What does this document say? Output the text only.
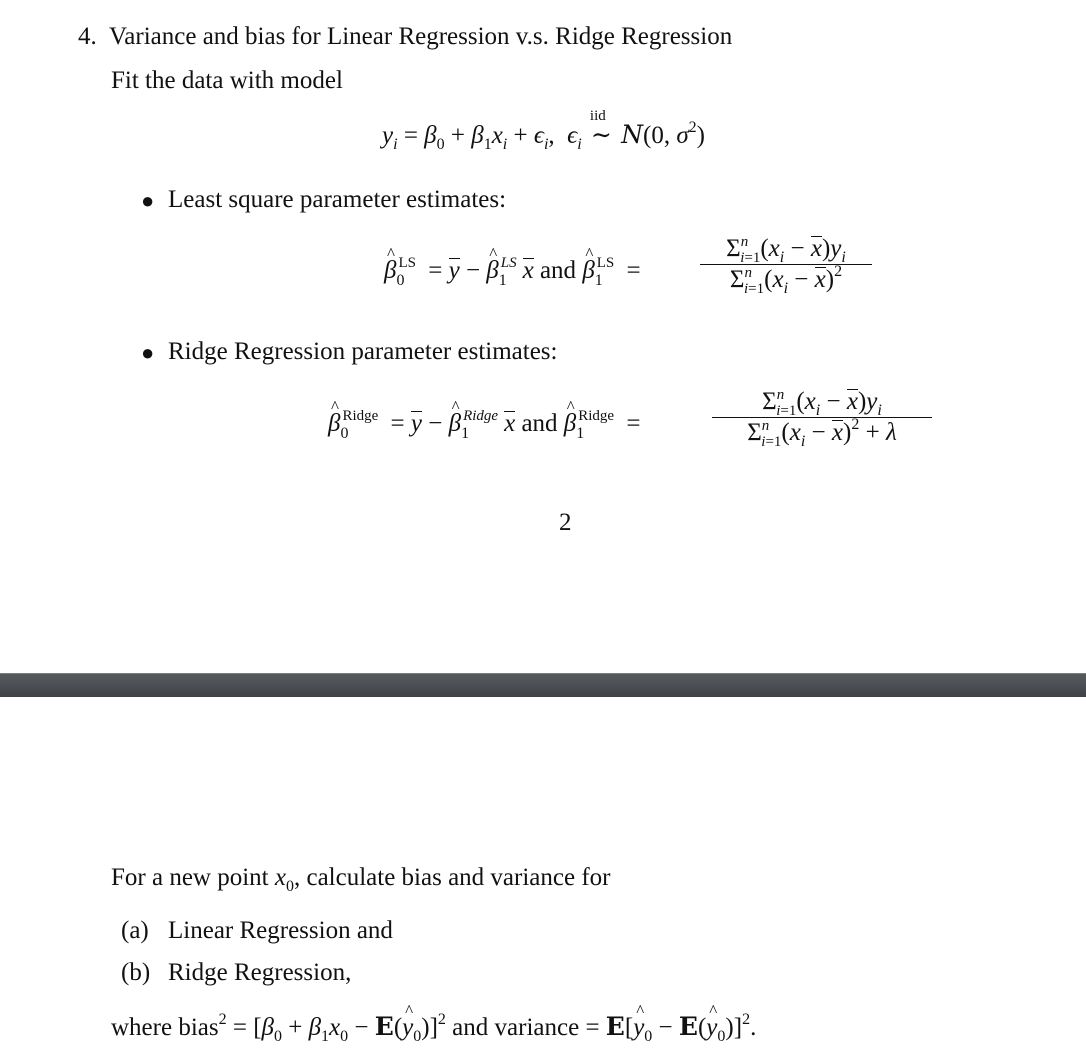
4. Variance and bias for Linear Regression v.s. Ridge Regression
Fit the data with model
$y_i = \beta_0 + \beta_1x_i + \epsilon_i$,  $\epsilon_i$
iid
∼ N(0, $\sigma^2$)
● Least square parameter estimates:
^ $\beta_0^{LS} = y$ − ^ $\beta_1^{LS}$ x and ^ $\beta_1^{LS}$ =
$\Sigma^n_{i=1}(x_i - x)y_i$
$\Sigma^n_{i=1}(x_i - x)^2$
● Ridge Regression parameter estimates:
^ $\beta_0^{Ridge} = y$ − ^ $\beta_1^{Ridge}$ x and ^ $\beta_1^{Ridge}$ =
$\Sigma^n_{i=1}(x_i - x)y_i$
$\Sigma^n_{i=1}(x_i - x)^2 + \lambda$
2
For a new point $x_0$, calculate bias and variance for
(a) Linear Regression and
(b) Ridge Regression,
where bias$^2$ = [$\beta_0 + \beta_1x_0$ − E(^ $y_0)]^2$ and variance = E[^ $y_0$ − E(^ $y_0)]^2$.
